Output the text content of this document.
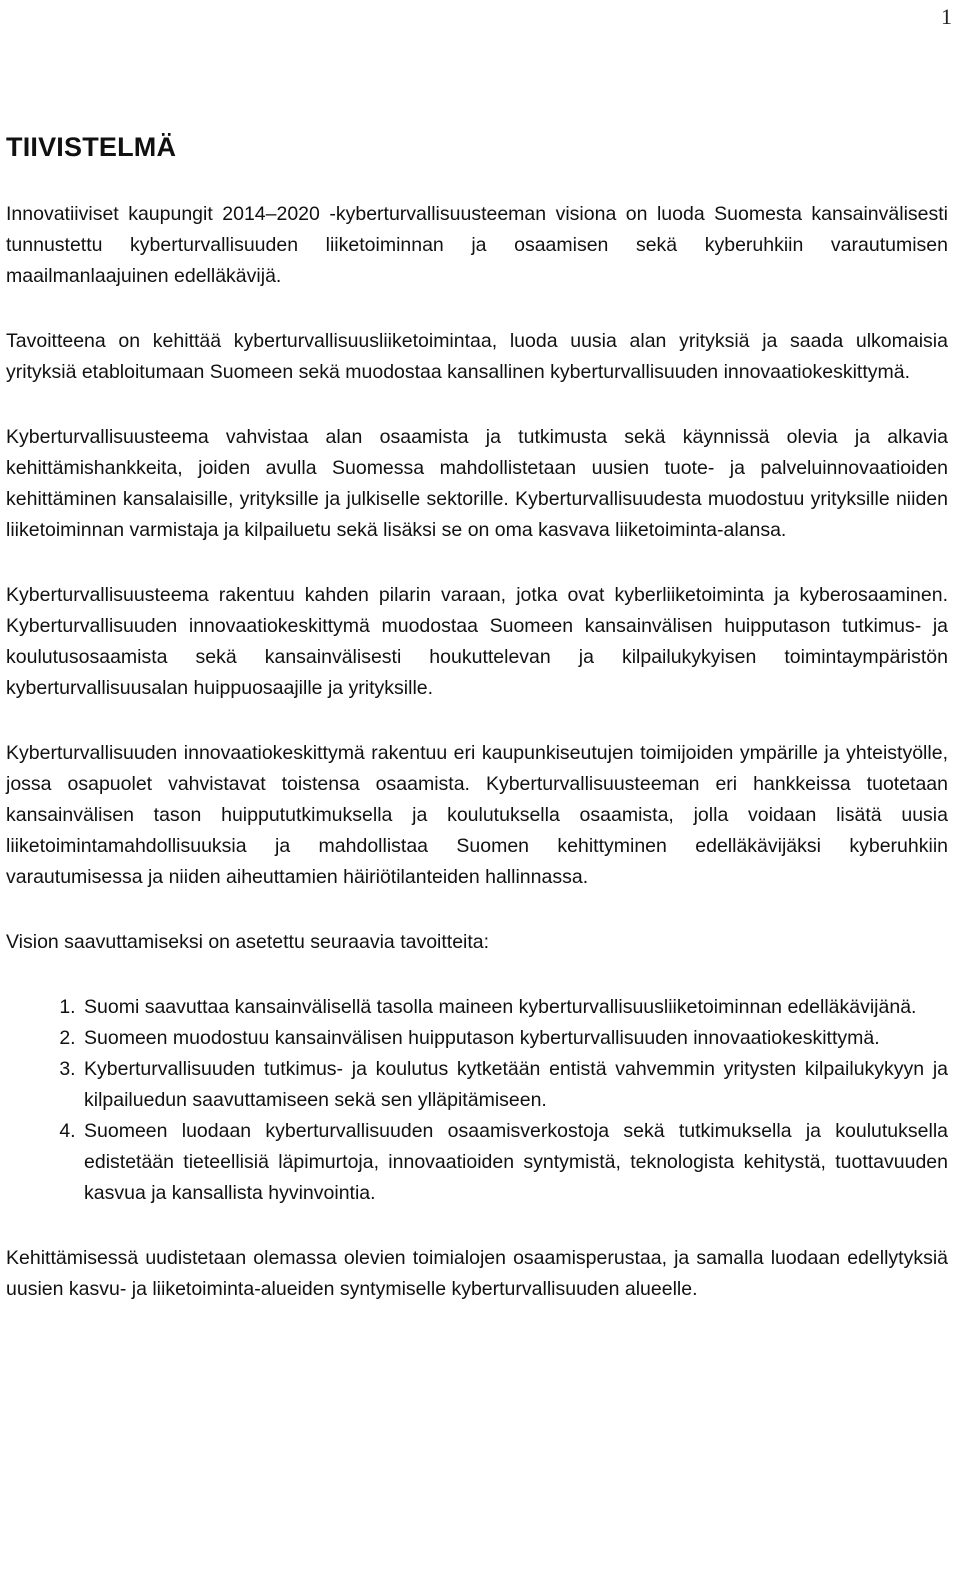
1
TIIVISTELMÄ

Innovatiiviset kaupungit 2014–2020 -kyberturvallisuusteeman visiona on luoda Suomesta kansainvälisesti tunnustettu kyberturvallisuuden liiketoiminnan ja osaamisen sekä kyberuhkiin varautumisen maailmanlaajuinen edelläkävijä.

Tavoitteena on kehittää kyberturvallisuusliiketoimintaa, luoda uusia alan yrityksiä ja saada ulkomaisia yrityksiä etabloitumaan Suomeen sekä muodostaa kansallinen kyberturvallisuuden innovaatiokeskittymä.

Kyberturvallisuusteema vahvistaa alan osaamista ja tutkimusta sekä käynnissä olevia ja alkavia kehittämishankkeita, joiden avulla Suomessa mahdollistetaan uusien tuote- ja palveluinnovaatioiden kehittäminen kansalaisille, yrityksille ja julkiselle sektorille. Kyberturvallisuudesta muodostuu yrityksille niiden liiketoiminnan varmistaja ja kilpailuetu sekä lisäksi se on oma kasvava liiketoiminta-alansa.

Kyberturvallisuusteema rakentuu kahden pilarin varaan, jotka ovat kyberliiketoiminta ja kyberosaaminen. Kyberturvallisuuden innovaatiokeskittymä muodostaa Suomeen kansainvälisen huipputason tutkimus- ja koulutusosaamista sekä kansainvälisesti houkuttelevan ja kilpailukykyisen toimintaympäristön kyberturvallisuusalan huippuosaajille ja yrityksille.

Kyberturvallisuuden innovaatiokeskittymä rakentuu eri kaupunkiseutujen toimijoiden ympärille ja yhteistyölle, jossa osapuolet vahvistavat toistensa osaamista. Kyberturvallisuusteeman eri hankkeissa tuotetaan kansainvälisen tason huippututkimuksella ja koulutuksella osaamista, jolla voidaan lisätä uusia liiketoimintamahdollisuuksia ja mahdollistaa Suomen kehittyminen edelläkävijäksi kyberuhkiin varautumisessa ja niiden aiheuttamien häiriötilanteiden hallinnassa.

Vision saavuttamiseksi on asetettu seuraavia tavoitteita:

1. Suomi saavuttaa kansainvälisellä tasolla maineen kyberturvallisuusliiketoiminnan edelläkävijänä.
2. Suomeen muodostuu kansainvälisen huipputason kyberturvallisuuden innovaatiokeskittymä.
3. Kyberturvallisuuden tutkimus- ja koulutus kytketään entistä vahvemmin yritysten kilpailukykyyn ja kilpailuedun saavuttamiseen sekä sen ylläpitämiseen.
4. Suomeen luodaan kyberturvallisuuden osaamisverkostoja sekä tutkimuksella ja koulutuksella edistetään tieteellisiä läpimurtoja, innovaatioiden syntymistä, teknologista kehitystä, tuottavuuden kasvua ja kansallista hyvinvointia.

Kehittämisessä uudistetaan olemassa olevien toimialojen osaamisperustaa, ja samalla luodaan edellytyksiä uusien kasvu- ja liiketoiminta-alueiden syntymiselle kyberturvallisuuden alueelle.
